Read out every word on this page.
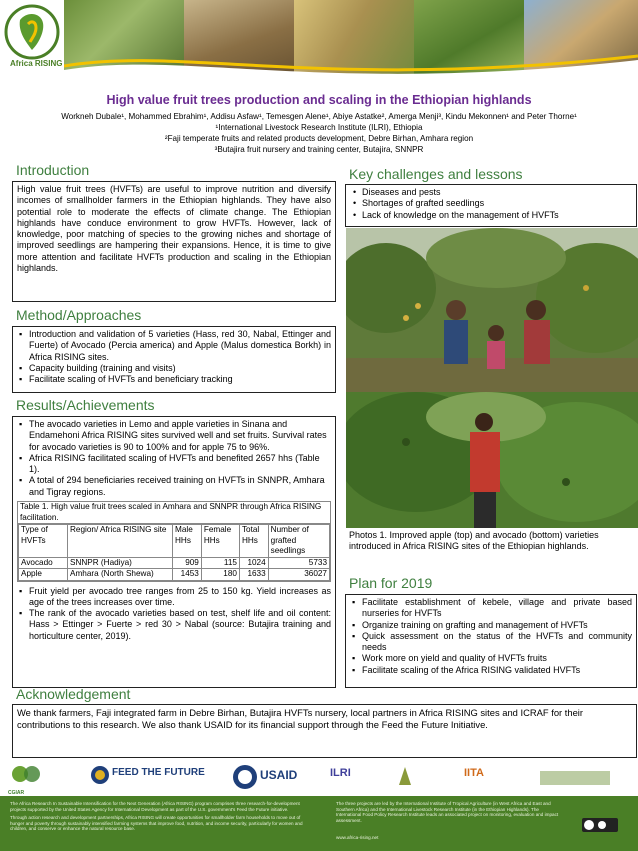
Africa RISING
High value fruit trees production and scaling in the Ethiopian highlands
Workneh Dubale¹, Mohammed Ebrahim¹, Addisu Asfaw¹, Temesgen Alene¹, Abiye Astatke², Amerga Menji³, Kindu Mekonnen¹ and Peter Thorne¹
¹International Livestock Research Institute (ILRI), Ethiopia
²Faji temperate fruits and related products development, Debre Birhan, Amhara region
³Butajira fruit nursery and training center, Butajira, SNNPR
Introduction
High value fruit trees (HVFTs) are useful to improve nutrition and diversify incomes of smallholder farmers in the Ethiopian highlands. They have also potential role to moderate the effects of climate change. The Ethiopian highlands have conduce environment to grow HVFTs. However, lack of knowledge, poor matching of species to the growing niches and shortage of improved seedlings are hampering their expansions. Hence, it is time to give more attention and facilitate HVFTs production and scaling in the Ethiopian highlands.
Method/Approaches
▪ Introduction and validation of 5 varieties (Hass, red 30, Nabal, Ettinger and Fuerte) of Avocado (Percia america) and Apple (Malus domestica Borkh) in Africa RISING sites.
▪ Capacity building (training and visits)
▪ Facilitate scaling of HVFTs and beneficiary tracking
Results/Achievements
▪ The avocado varieties in Lemo and apple varieties in Sinana and Endamehoni Africa RISING sites survived well and set fruits. Survival rates for avocado varieties is 90 to 100% and for apple 75 to 96%.
▪ Africa RISING facilitated scaling of HVFTs and benefited 2657 hhs (Table 1).
▪ A total of 294 beneficiaries received training on HVFTs in SNNPR, Amhara and Tigray regions.
Table 1. High value fruit trees scaled in Amhara and SNNPR through Africa RISING facilitation.
Type of HVFTs	Region/ Africa RISING site	Male HHs	Female HHs	Total HHs	Number of grafted seedlings
Avocado	SNNPR (Hadiya)	909	115	1024	5733
Apple	Amhara (North Shewa)	1453	180	1633	36027
▪ Fruit yield per avocado tree ranges from 25 to 150 kg. Yield increases as age of the trees increases over time.
▪ The rank of the avocado varieties based on test, shelf life and oil content: Hass > Ettinger > Fuerte > red 30 > Nabal (source: Butajira training and horticulture center, 2019).
Key challenges and lessons
• Diseases and pests
• Shortages of grafted seedlings
• Lack of knowledge on the management of HVFTs
Photos 1. Improved apple (top) and avocado (bottom) varieties introduced in Africa RISING sites of the Ethiopian highlands.
Plan for 2019
▪ Facilitate establishment of kebele, village and private based nurseries for HVFTs
▪ Organize training on grafting and management of HVFTs
▪ Quick assessment on the status of the HVFTs and community needs
▪ Work more on yield and quality of HVFTs fruits
▪ Facilitate scaling of the Africa RISING validated HVFTs
Acknowledgement
We thank farmers, Faji integrated farm in Debre Birhan, Butajira HVFTs nursery, local partners in Africa RISING sites and ICRAF for their contributions to this research. We also thank USAID for its financial support through the Feed the Future Initiative.
CGIAR
FEED THE FUTURE	USAID	ILRI	IITA
The Africa Research In Sustainable Intensification for the Next Generation (Africa RISING) program comprises three research-for-development projects supported by the United States Agency for International Development as part of the U.S. government's Feed the Future initiative.
Through action research and development partnerships, Africa RISING will create opportunities for smallholder farm households to move out of hunger and poverty through sustainably intensified farming systems that improve food, nutrition, and income security, particularly for women and children, and conserve or enhance the natural resource base.
The three projects are led by the International Institute of Tropical Agriculture (in West Africa and East and Southern Africa) and the International Livestock Research Institute (in the Ethiopian Highlands). The International Food Policy Research Institute leads an associated project on monitoring, evaluation and impact assessment.
www.africa-rising.net
